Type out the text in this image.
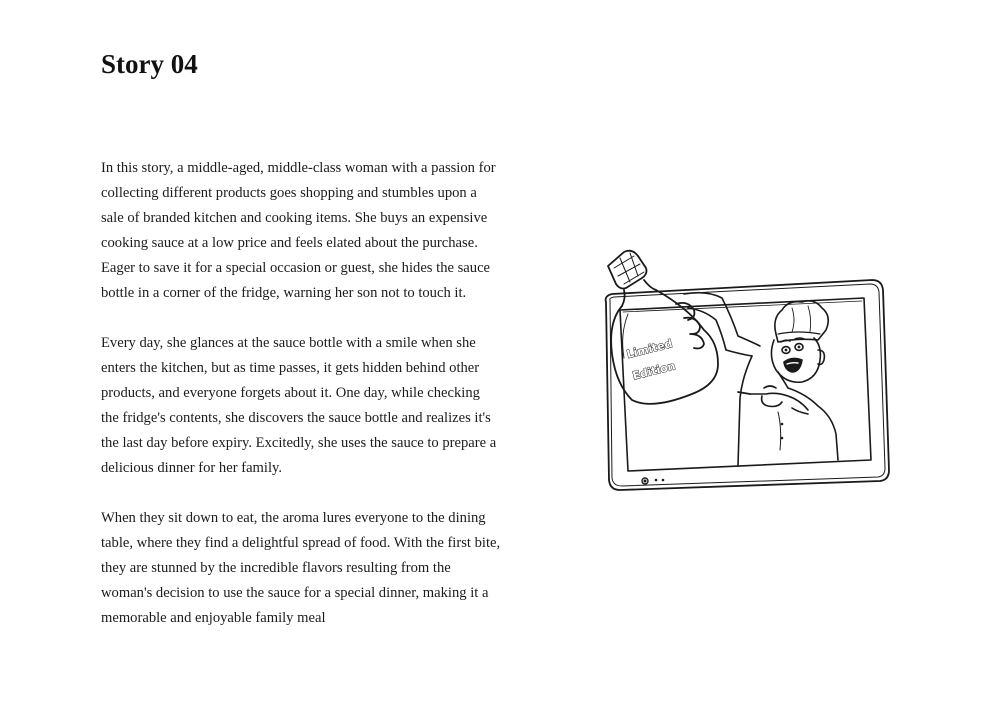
Story 04

In this story, a middle-aged, middle-class woman with a passion for collecting different products goes shopping and stumbles upon a sale of branded kitchen and cooking items. She buys an expensive cooking sauce at a low price and feels elated about the purchase. Eager to save it for a special occasion or guest, she hides the sauce bottle in a corner of the fridge, warning her son not to touch it.

Every day, she glances at the sauce bottle with a smile when she enters the kitchen, but as time passes, it gets hidden behind other products, and everyone forgets about it. One day, while checking the fridge's contents, she discovers the sauce bottle and realizes it's the last day before expiry. Excitedly, she uses the sauce to prepare a delicious dinner for her family.

When they sit down to eat, the aroma lures everyone to the dining table, where they find a delightful spread of food. With the first bite, they are stunned by the incredible flavors resulting from the woman's decision to use the sauce for a special dinner, making it a memorable and enjoyable family meal

Limited
Edition
